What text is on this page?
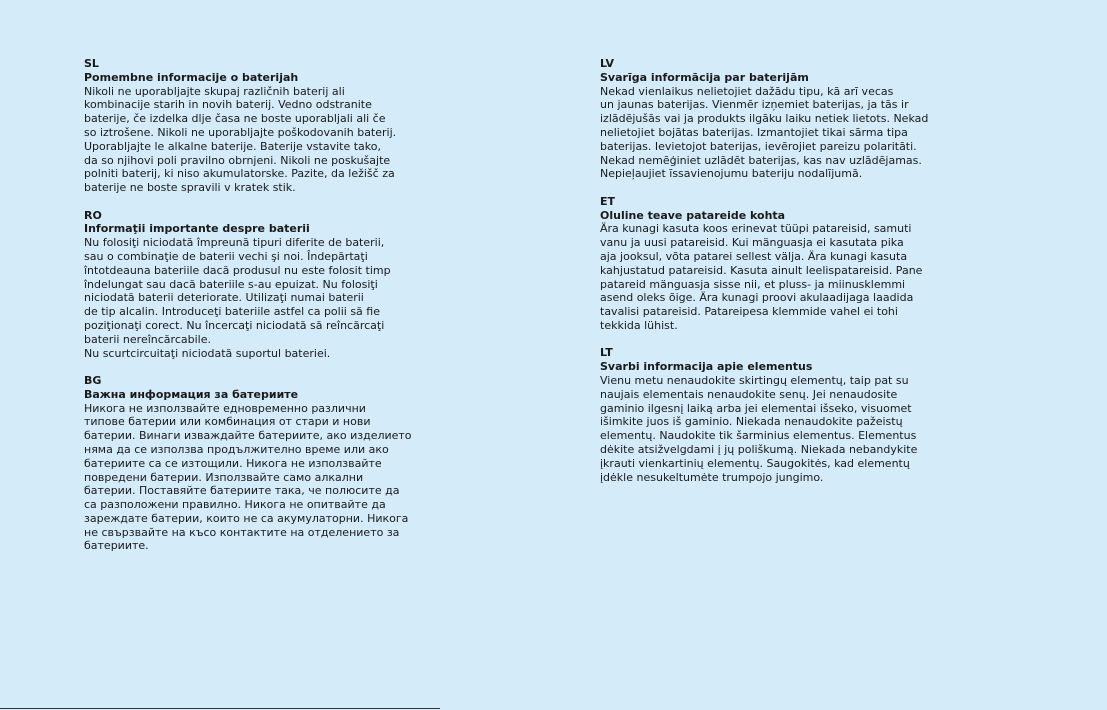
SL
Pomembne informacije o baterijah
Nikoli ne uporabljajte skupaj različnih baterij ali
kombinacije starih in novih baterij. Vedno odstranite
baterije, če izdelka dlje časa ne boste uporabljali ali če
so iztrošene. Nikoli ne uporabljajte poškodovanih baterij.
Uporabljajte le alkalne baterije. Baterije vstavite tako,
da so njihovi poli pravilno obrnjeni. Nikoli ne poskušajte
polniti baterij, ki niso akumulatorske. Pazite, da ležišč za
baterije ne boste spravili v kratek stik.
RO
Informaţii importante despre baterii
Nu folosiţi niciodată împreună tipuri diferite de baterii,
sau o combinaţie de baterii vechi şi noi. Îndepărtaţi
întotdeauna bateriile dacă produsul nu este folosit timp
îndelungat sau dacă bateriile s-au epuizat. Nu folosiţi
niciodată baterii deteriorate. Utilizaţi numai baterii
de tip alcalin. Introduceţi bateriile astfel ca polii să fie
poziţionaţi corect. Nu încercaţi niciodată să reîncărcaţi
baterii nereîncărcabile.
Nu scurtcircuitaţi niciodată suportul bateriei.
BG
Важна информация за батериите
Никога не използвайте едновременно различни
типове батерии или комбинация от стари и нови
батерии. Винаги изваждайте батериите, ако изделието
няма да се използва продължително време или ако
батериите са се изтощили. Никога не използвайте
повредени батерии. Използвайте само алкални
батерии. Поставяйте батериите така, че полюсите да
са разположени правилно. Никога не опитвайте да
зареждате батерии, които не са акумулаторни. Никога
не свързвайте на късо контактите на отделението за
батериите.
LV
Svarīga informācija par baterijām
Nekad vienlaikus nelietojiet dažādu tipu, kā arī vecas
un jaunas baterijas. Vienmēr izņemiet baterijas, ja tās ir
izlādējušās vai ja produkts ilgāku laiku netiek lietots. Nekad
nelietojiet bojātas baterijas. Izmantojiet tikai sārma tipa
baterijas. Ievietojot baterijas, ievērojiet pareizu polaritāti.
Nekad nemēģiniet uzlādēt baterijas, kas nav uzlādējamas.
Nepieļaujiet īssavienojumu bateriju nodalījumā.
ET
Oluline teave patareide kohta
Ära kunagi kasuta koos erinevat tüüpi patareisid, samuti
vanu ja uusi patareisid. Kui mänguasja ei kasutata pika
aja jooksul, võta patarei sellest välja. Ära kunagi kasuta
kahjustatud patareisid. Kasuta ainult leelispatareisid. Pane
patareid mänguasja sisse nii, et pluss- ja miinusklemmi
asend oleks õige. Ära kunagi proovi akulaadijaga laadida
tavalisi patareisid. Patareipesa klemmide vahel ei tohi
tekkida lühist.
LT
Svarbi informacija apie elementus
Vienu metu nenaudokite skirtingų elementų, taip pat su
naujais elementais nenaudokite senų. Jei nenaudosite
gaminio ilgesnį laiką arba jei elementai išseko, visuomet
išimkite juos iš gaminio. Niekada nenaudokite pažeistų
elementų. Naudokite tik šarminius elementus. Elementus
dėkite atsižvelgdami į jų poliškumą. Niekada nebandykite
įkrauti vienkartinių elementų. Saugokitės, kad elementų
įdėkle nesukeltumėte trumpojo jungimo.
